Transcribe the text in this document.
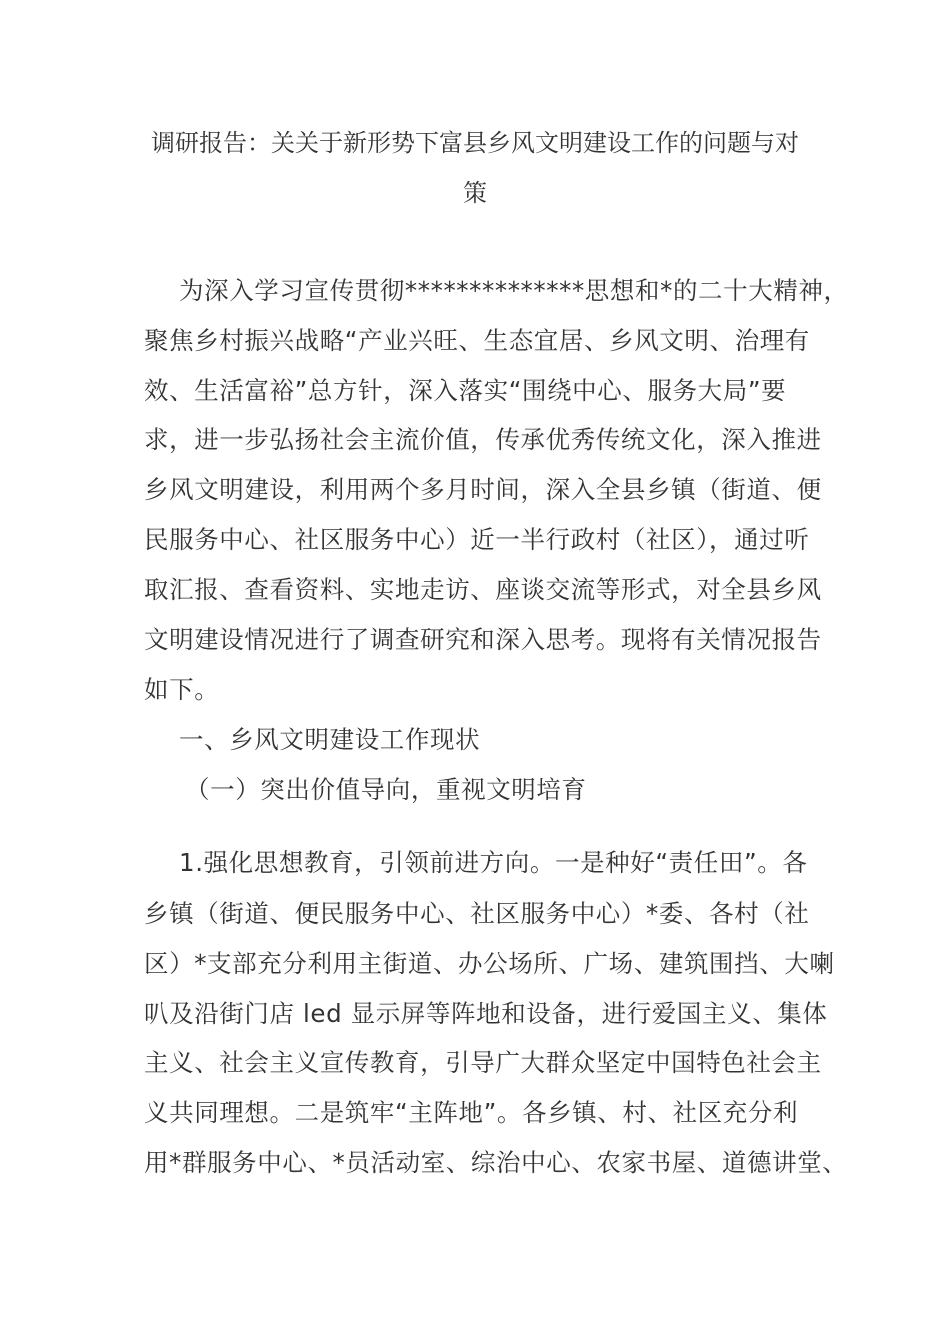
调研报告：关关于新形势下富县乡风文明建设工作的问题与对
策
为深入学习宣传贯彻**************思想和*的二十大精神，
聚焦乡村振兴战略“产业兴旺、生态宜居、乡风文明、治理有
效、生活富裕”总方针，深入落实“围绕中心、服务大局”要
求，进一步弘扬社会主流价值，传承优秀传统文化，深入推进
乡风文明建设，利用两个多月时间，深入全县乡镇（街道、便
民服务中心、社区服务中心）近一半行政村（社区），通过听
取汇报、查看资料、实地走访、座谈交流等形式，对全县乡风
文明建设情况进行了调查研究和深入思考。现将有关情况报告
如下。
一、乡风文明建设工作现状
（一）突出价值导向，重视文明培育
1.强化思想教育，引领前进方向。一是种好“责任田”。各
乡镇（街道、便民服务中心、社区服务中心）*委、各村（社
区）*支部充分利用主街道、办公场所、广场、建筑围挡、大喇
叭及沿街门店 led 显示屏等阵地和设备，进行爱国主义、集体
主义、社会主义宣传教育，引导广大群众坚定中国特色社会主
义共同理想。二是筑牢“主阵地”。各乡镇、村、社区充分利
用*群服务中心、*员活动室、综治中心、农家书屋、道德讲堂、
